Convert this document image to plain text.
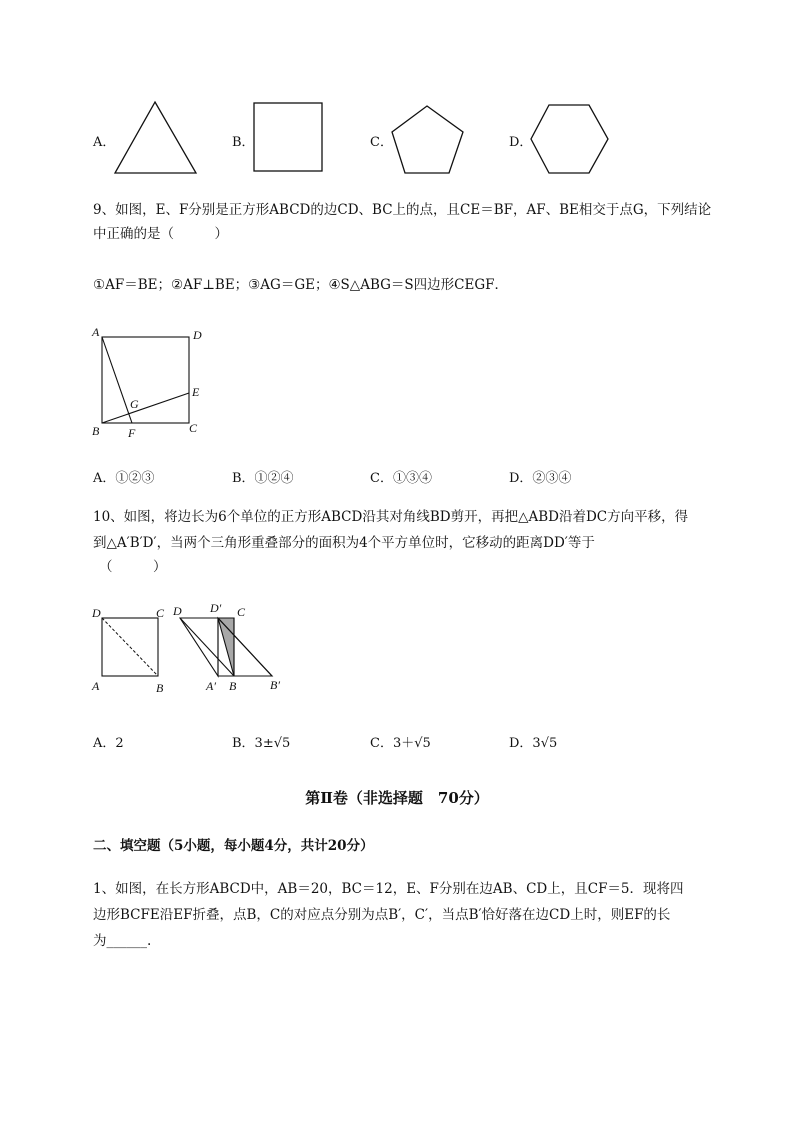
A．	B．	C．	D．
9、如图，E、F分别是正方形ABCD的边CD、BC上的点，且CE＝BF，AF、BE相交于点G，下列结论
中正确的是（　　　）
①AF＝BE；②AF⊥BE；③AG＝GE；④S△ABG＝S四边形CEGF．
A	D
E
G
B F	C
A．①②③	B．①②④	C．①③④	D．②③④
10、如图，将边长为6个单位的正方形ABCD沿其对角线BD剪开，再把△ABD沿着DC方向平移，得
到△A′B′D′，当两个三角形重叠部分的面积为4个平方单位时，它移动的距离DD′等于
（　　　）
D	C
A	B
D D′ C
A′ B	B′
A．2	B．3±√5	C．3＋√5	D．3√5
第Ⅱ卷（非选择题　70分）
二、填空题（5小题，每小题4分，共计20分）
1、如图，在长方形ABCD中，AB＝20，BC＝12，E、F分别在边AB、CD上，且CF＝5．现将四
边形BCFE沿EF折叠，点B，C的对应点分别为点B′，C′，当点B′恰好落在边CD上时，则EF的长
为______.
